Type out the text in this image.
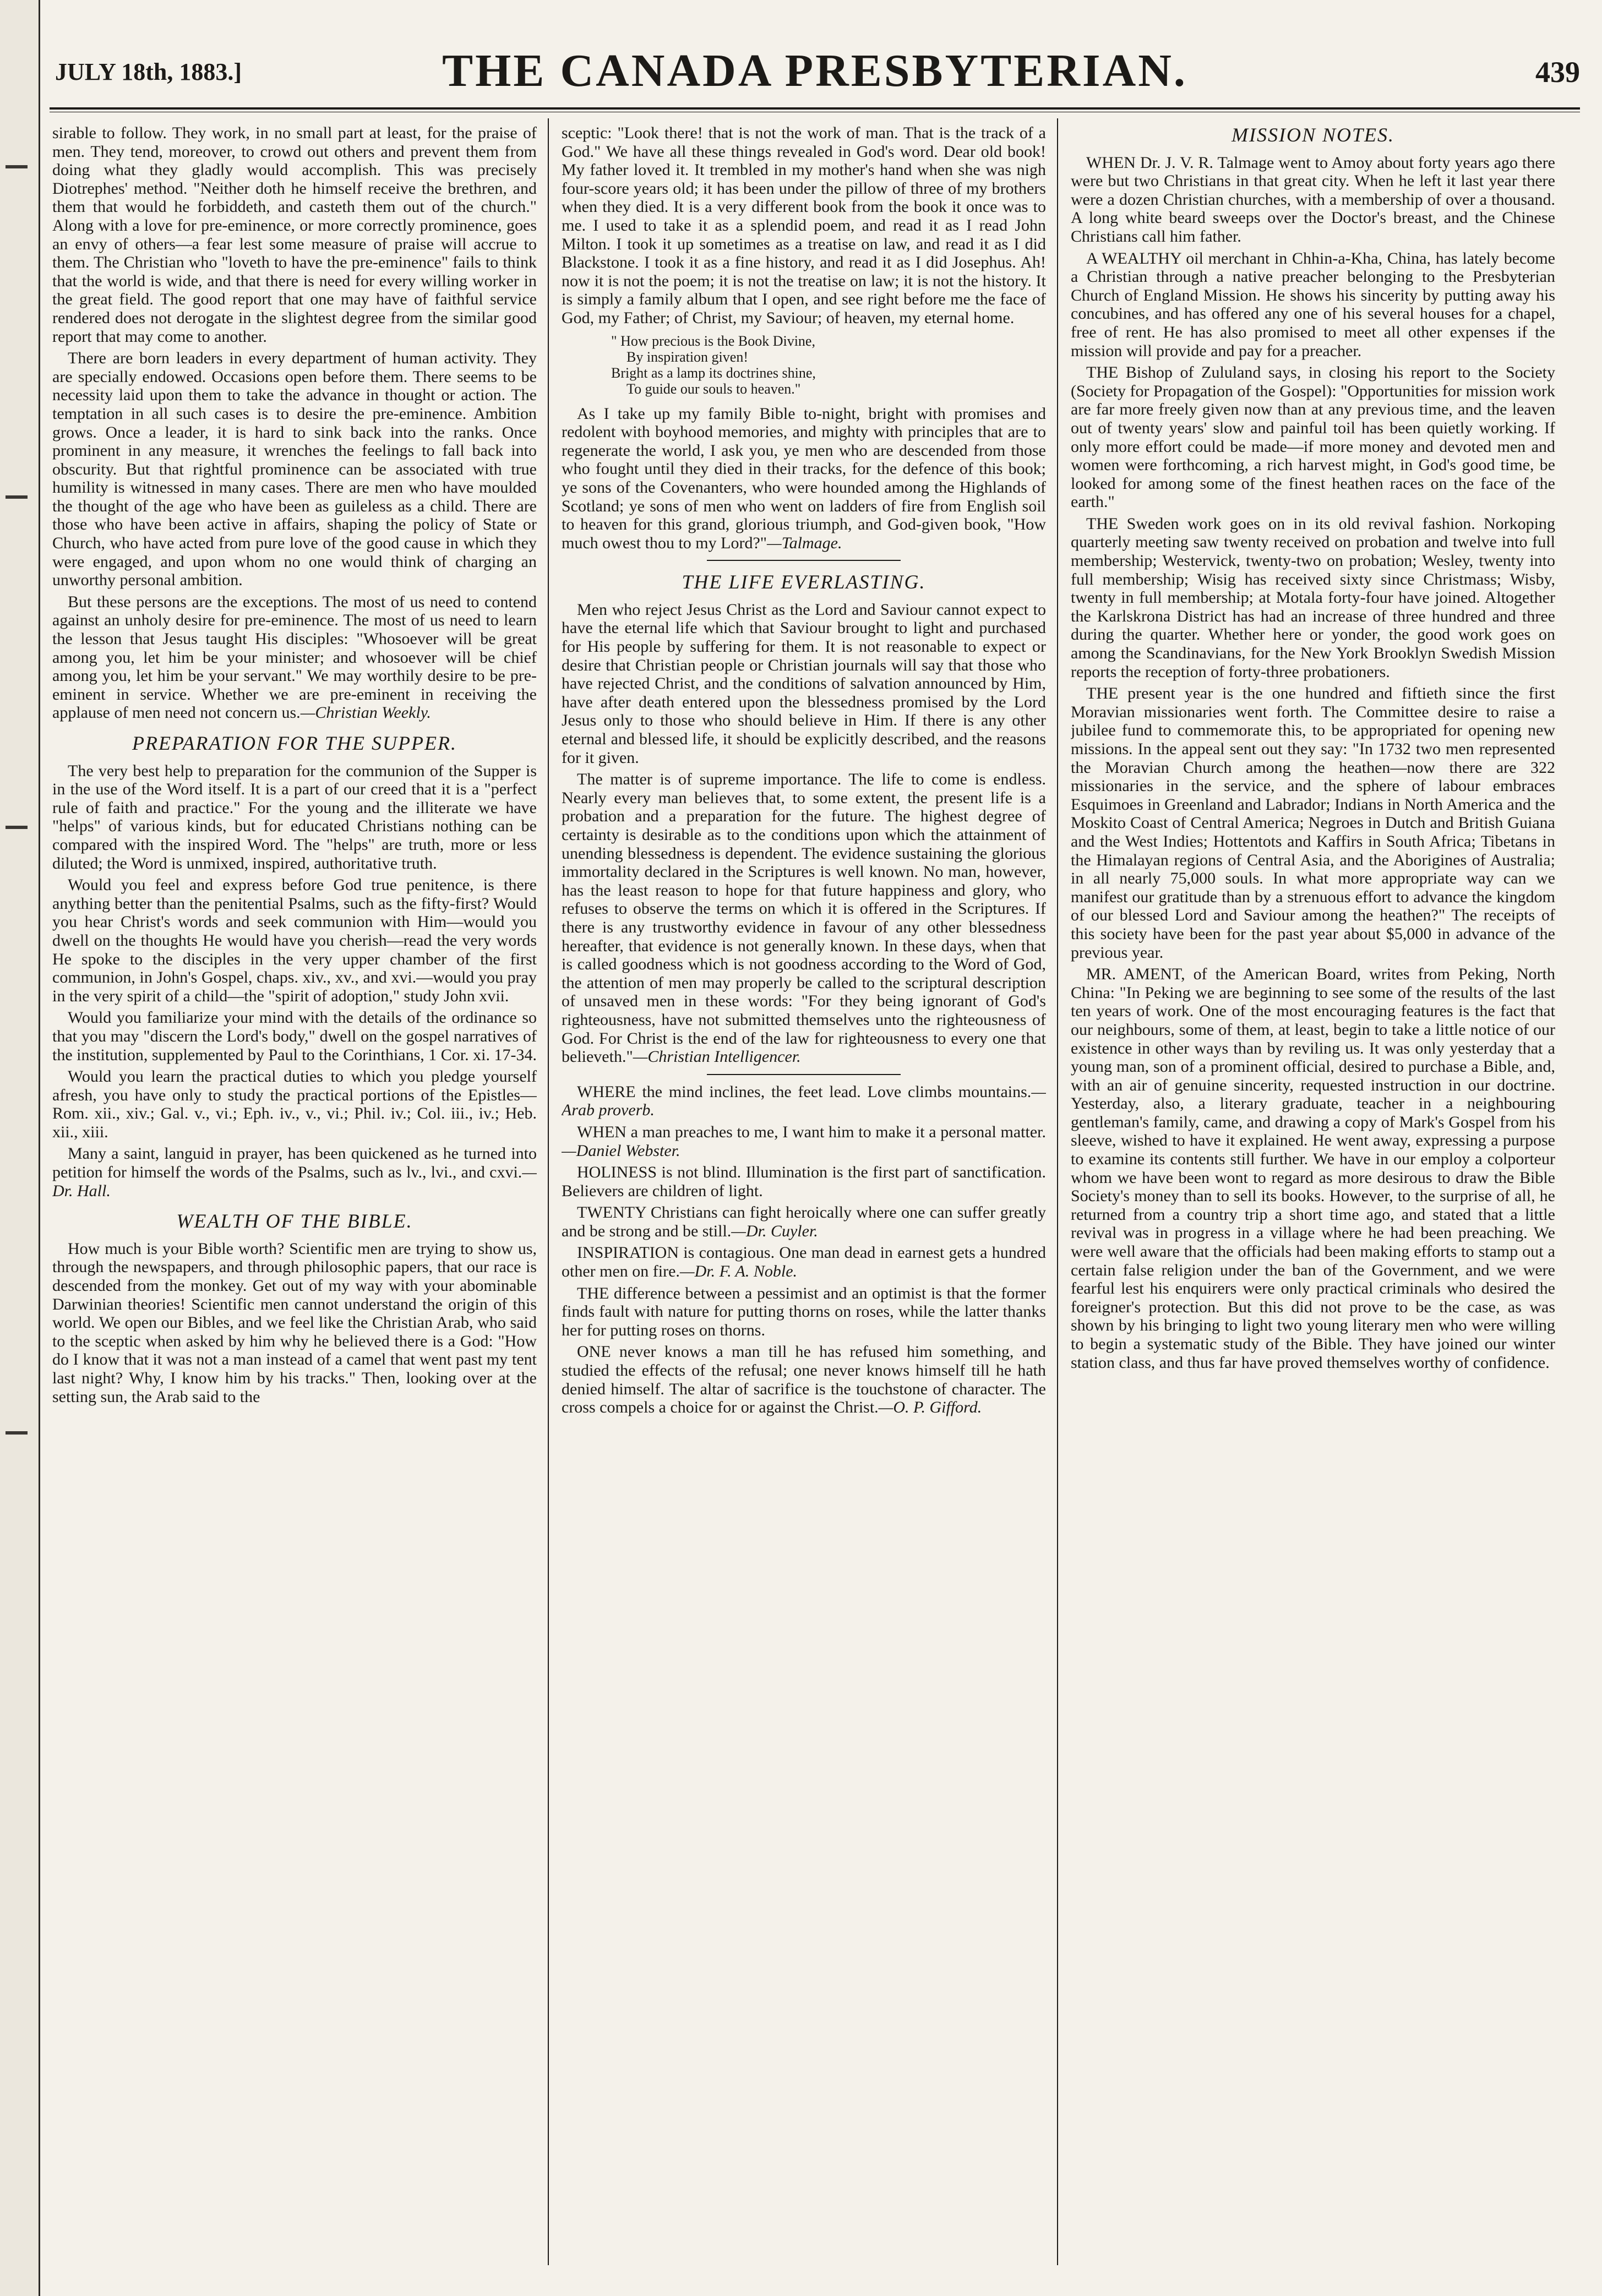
JULY 18th, 1883.]	THE CANADA PRESBYTERIAN.	439

sirable to follow. They work, in no small part at least, for the praise of men. They tend, moreover, to crowd out others and prevent them from doing what they gladly would accomplish. This was precisely Diotrephes' method. "Neither doth he himself receive the brethren, and them that would he forbiddeth, and casteth them out of the church." Along with a love for pre-eminence, or more correctly prominence, goes an envy of others—a fear lest some measure of praise will accrue to them. The Christian who "loveth to have the pre-eminence" fails to think that the world is wide, and that there is need for every willing worker in the great field. The good report that one may have of faithful service rendered does not derogate in the slightest degree from the similar good report that may come to another.

There are born leaders in every department of human activity. They are specially endowed. Occasions open before them. There seems to be necessity laid upon them to take the advance in thought or action. The temptation in all such cases is to desire the pre-eminence. Ambition grows. Once a leader, it is hard to sink back into the ranks. Once prominent in any measure, it wrenches the feelings to fall back into obscurity. But that rightful prominence can be associated with true humility is witnessed in many cases. There are men who have moulded the thought of the age who have been as guileless as a child. There are those who have been active in affairs, shaping the policy of State or Church, who have acted from pure love of the good cause in which they were engaged, and upon whom no one would think of charging an unworthy personal ambition.

But these persons are the exceptions. The most of us need to contend against an unholy desire for pre-eminence. The most of us need to learn the lesson that Jesus taught His disciples: "Whosoever will be great among you, let him be your minister; and whosoever will be chief among you, let him be your servant." We may worthily desire to be pre-eminent in service. Whether we are pre-eminent in receiving the applause of men need not concern us.—Christian Weekly.

PREPARATION FOR THE SUPPER.

The very best help to preparation for the communion of the Supper is in the use of the Word itself. It is a part of our creed that it is a "perfect rule of faith and practice." For the young and the illiterate we have "helps" of various kinds, but for educated Christians nothing can be compared with the inspired Word. The "helps" are truth, more or less diluted; the Word is unmixed, inspired, authoritative truth.

Would you feel and express before God true penitence, is there anything better than the penitential Psalms, such as the fifty-first? Would you hear Christ's words and seek communion with Him—would you dwell on the thoughts He would have you cherish—read the very words He spoke to the disciples in the very upper chamber of the first communion, in John's Gospel, chaps. xiv., xv., and xvi.—would you pray in the very spirit of a child—the "spirit of adoption," study John xvii.

Would you familiarize your mind with the details of the ordinance so that you may "discern the Lord's body," dwell on the gospel narratives of the institution, supplemented by Paul to the Corinthians, 1 Cor. xi. 17-34.

Would you learn the practical duties to which you pledge yourself afresh, you have only to study the practical portions of the Epistles—Rom. xii., xiv.; Gal. v., vi.; Eph. iv., v., vi.; Phil. iv.; Col. iii., iv.; Heb. xii., xiii.

Many a saint, languid in prayer, has been quickened as he turned into petition for himself the words of the Psalms, such as lv., lvi., and cxvi.—Dr. Hall.

WEALTH OF THE BIBLE.

How much is your Bible worth? Scientific men are trying to show us, through the newspapers, and through philosophic papers, that our race is descended from the monkey. Get out of my way with your abominable Darwinian theories! Scientific men cannot understand the origin of this world. We open our Bibles, and we feel like the Christian Arab, who said to the sceptic when asked by him why he believed there is a God: "How do I know that it was not a man instead of a camel that went past my tent last night? Why, I know him by his tracks." Then, looking over at the setting sun, the Arab said to the

sceptic: "Look there! that is not the work of man. That is the track of a God." We have all these things revealed in God's word. Dear old book! My father loved it. It trembled in my mother's hand when she was nigh four-score years old; it has been under the pillow of three of my brothers when they died. It is a very different book from the book it once was to me. I used to take it as a splendid poem, and read it as I read John Milton. I took it up sometimes as a treatise on law, and read it as I did Blackstone. I took it as a fine history, and read it as I did Josephus. Ah! now it is not the poem; it is not the treatise on law; it is not the history. It is simply a family album that I open, and see right before me the face of God, my Father; of Christ, my Saviour; of heaven, my eternal home.

" How precious is the Book Divine,
By inspiration given!
Bright as a lamp its doctrines shine,
To guide our souls to heaven."

As I take up my family Bible to-night, bright with promises and redolent with boyhood memories, and mighty with principles that are to regenerate the world, I ask you, ye men who are descended from those who fought until they died in their tracks, for the defence of this book; ye sons of the Covenanters, who were hounded among the Highlands of Scotland; ye sons of men who went on ladders of fire from English soil to heaven for this grand, glorious triumph, and God-given book, "How much owest thou to my Lord?"—Talmage.

THE LIFE EVERLASTING.

Men who reject Jesus Christ as the Lord and Saviour cannot expect to have the eternal life which that Saviour brought to light and purchased for His people by suffering for them. It is not reasonable to expect or desire that Christian people or Christian journals will say that those who have rejected Christ, and the conditions of salvation announced by Him, have after death entered upon the blessedness promised by the Lord Jesus only to those who should believe in Him. If there is any other eternal and blessed life, it should be explicitly described, and the reasons for it given.

The matter is of supreme importance. The life to come is endless. Nearly every man believes that, to some extent, the present life is a probation and a preparation for the future. The highest degree of certainty is desirable as to the conditions upon which the attainment of unending blessedness is dependent. The evidence sustaining the glorious immortality declared in the Scriptures is well known. No man, however, has the least reason to hope for that future happiness and glory, who refuses to observe the terms on which it is offered in the Scriptures. If there is any trustworthy evidence in favour of any other blessedness hereafter, that evidence is not generally known. In these days, when that is called goodness which is not goodness according to the Word of God, the attention of men may properly be called to the scriptural description of unsaved men in these words: "For they being ignorant of God's righteousness, have not submitted themselves unto the righteousness of God. For Christ is the end of the law for righteousness to every one that believeth."—Christian Intelligencer.

WHERE the mind inclines, the feet lead. Love climbs mountains.—Arab proverb.

WHEN a man preaches to me, I want him to make it a personal matter.—Daniel Webster.

HOLINESS is not blind. Illumination is the first part of sanctification. Believers are children of light.

TWENTY Christians can fight heroically where one can suffer greatly and be strong and be still.—Dr. Cuyler.

INSPIRATION is contagious. One man dead in earnest gets a hundred other men on fire.—Dr. F. A. Noble.

THE difference between a pessimist and an optimist is that the former finds fault with nature for putting thorns on roses, while the latter thanks her for putting roses on thorns.

ONE never knows a man till he has refused him something, and studied the effects of the refusal; one never knows himself till he hath denied himself. The altar of sacrifice is the touchstone of character. The cross compels a choice for or against the Christ.—O. P. Gifford.

MISSION NOTES.

WHEN Dr. J. V. R. Talmage went to Amoy about forty years ago there were but two Christians in that great city. When he left it last year there were a dozen Christian churches, with a membership of over a thousand. A long white beard sweeps over the Doctor's breast, and the Chinese Christians call him father.

A WEALTHY oil merchant in Chhin-a-Kha, China, has lately become a Christian through a native preacher belonging to the Presbyterian Church of England Mission. He shows his sincerity by putting away his concubines, and has offered any one of his several houses for a chapel, free of rent. He has also promised to meet all other expenses if the mission will provide and pay for a preacher.

THE Bishop of Zululand says, in closing his report to the Society (Society for Propagation of the Gospel): "Opportunities for mission work are far more freely given now than at any previous time, and the leaven out of twenty years' slow and painful toil has been quietly working. If only more effort could be made—if more money and devoted men and women were forthcoming, a rich harvest might, in God's good time, be looked for among some of the finest heathen races on the face of the earth."

THE Sweden work goes on in its old revival fashion. Norkoping quarterly meeting saw twenty received on probation and twelve into full membership; Westervick, twenty-two on probation; Wesley, twenty into full membership; Wisig has received sixty since Christmass; Wisby, twenty in full membership; at Motala forty-four have joined. Altogether the Karlskrona District has had an increase of three hundred and three during the quarter. Whether here or yonder, the good work goes on among the Scandinavians, for the New York Brooklyn Swedish Mission reports the reception of forty-three probationers.

THE present year is the one hundred and fiftieth since the first Moravian missionaries went forth. The Committee desire to raise a jubilee fund to commemorate this, to be appropriated for opening new missions. In the appeal sent out they say: "In 1732 two men represented the Moravian Church among the heathen—now there are 322 missionaries in the service, and the sphere of labour embraces Esquimoes in Greenland and Labrador; Indians in North America and the Moskito Coast of Central America; Negroes in Dutch and British Guiana and the West Indies; Hottentots and Kaffirs in South Africa; Tibetans in the Himalayan regions of Central Asia, and the Aborigines of Australia; in all nearly 75,000 souls. In what more appropriate way can we manifest our gratitude than by a strenuous effort to advance the kingdom of our blessed Lord and Saviour among the heathen?" The receipts of this society have been for the past year about $5,000 in advance of the previous year.

MR. AMENT, of the American Board, writes from Peking, North China: "In Peking we are beginning to see some of the results of the last ten years of work. One of the most encouraging features is the fact that our neighbours, some of them, at least, begin to take a little notice of our existence in other ways than by reviling us. It was only yesterday that a young man, son of a prominent official, desired to purchase a Bible, and, with an air of genuine sincerity, requested instruction in our doctrine. Yesterday, also, a literary graduate, teacher in a neighbouring gentleman's family, came, and drawing a copy of Mark's Gospel from his sleeve, wished to have it explained. He went away, expressing a purpose to examine its contents still further. We have in our employ a colporteur whom we have been wont to regard as more desirous to draw the Bible Society's money than to sell its books. However, to the surprise of all, he returned from a country trip a short time ago, and stated that a little revival was in progress in a village where he had been preaching. We were well aware that the officials had been making efforts to stamp out a certain false religion under the ban of the Government, and we were fearful lest his enquirers were only practical criminals who desired the foreigner's protection. But this did not prove to be the case, as was shown by his bringing to light two young literary men who were willing to begin a systematic study of the Bible. They have joined our winter station class, and thus far have proved themselves worthy of confidence.
